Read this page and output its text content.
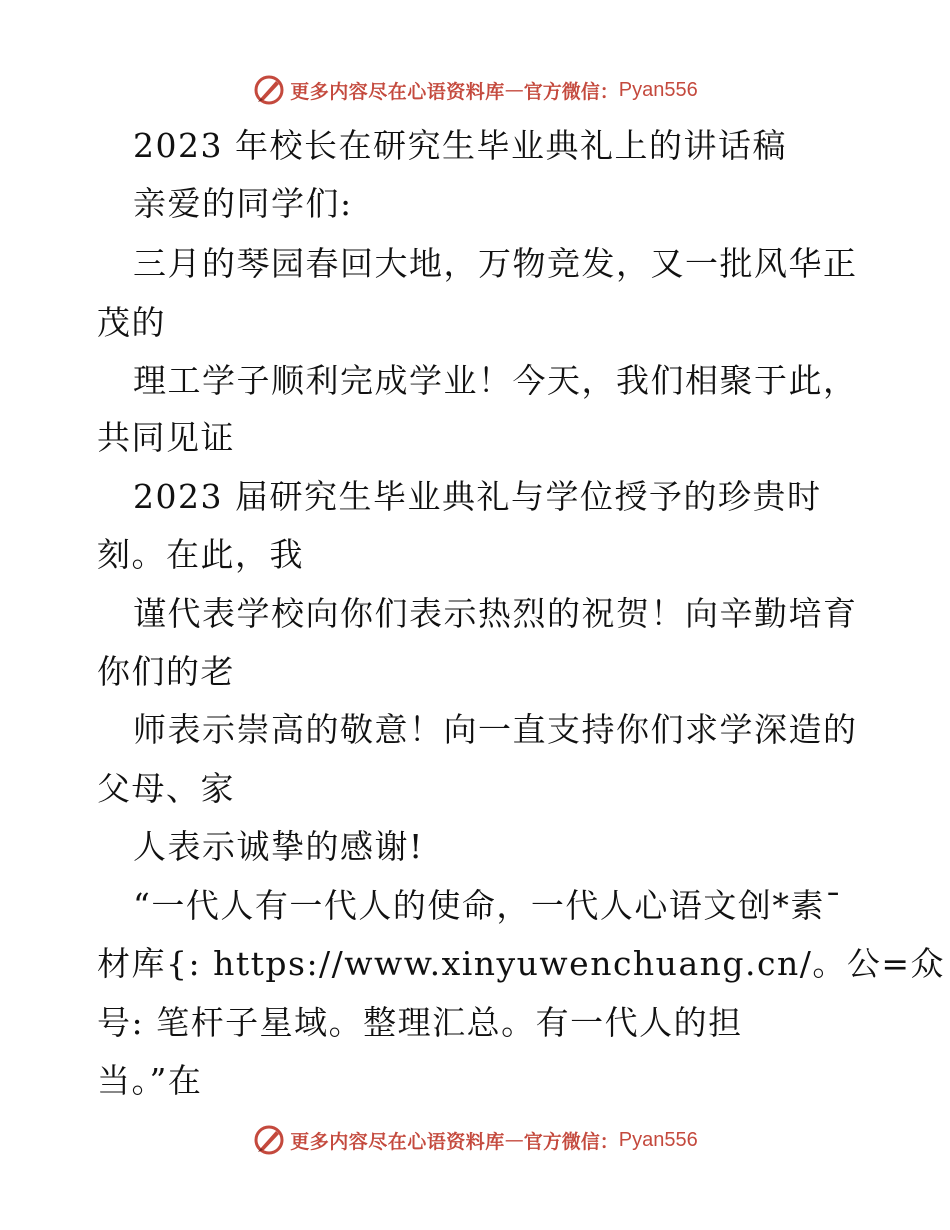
更多内容尽在心语资料库 — 官方微信： Pyan556
2023 年校长在研究生毕业典礼上的讲话稿
亲爱的同学们:
三月的琴园春回大地，万物竞发，又一批风华正
茂的
理工学子顺利完成学业！今天，我们相聚于此，
共同见证
2023 届研究生毕业典礼与学位授予的珍贵时
刻。在此，我
谨代表学校向你们表示热烈的祝贺！向辛勤培育
你们的老
师表示崇高的敬意！向一直支持你们求学深造的
父母、家
人表示诚挚的感谢!
“一代人有一代人的使命，一代人心语文创*素¯
材库{: https://www.xinyuwenchuang.cn/。公=众
号: 笔杆子星域。整理汇总。有一代人的担
当。”在
更多内容尽在心语资料库 — 官方微信： Pyan556
